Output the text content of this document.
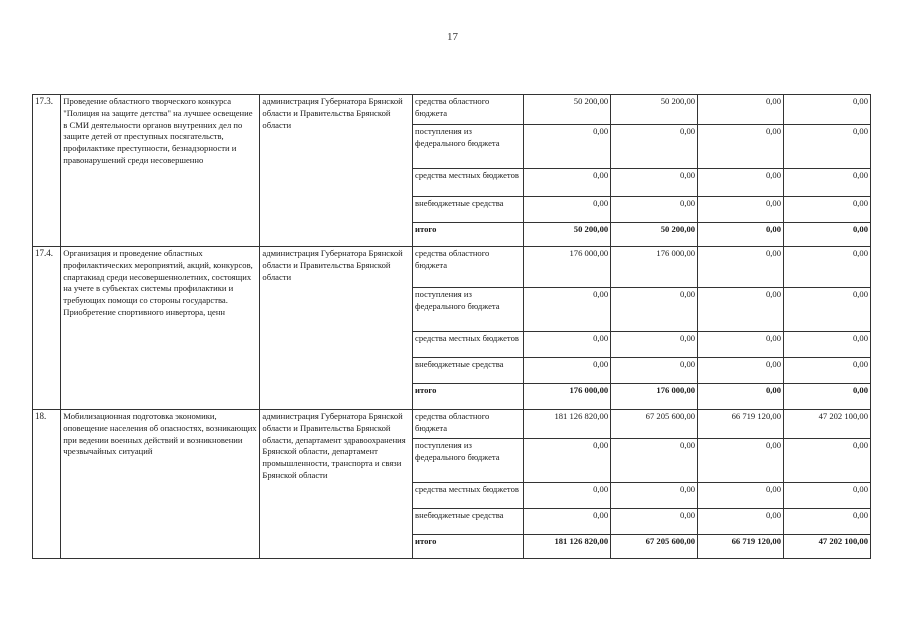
17
17.3.	Проведение областного творческого конкурса "Полиция на защите детства" на лучшее освещение в СМИ деятельности органов внутренних дел по защите детей от преступных посягательств, профилактике преступности, безнадзорности и правонарушений среди несовершенно	администрация Губернатора Брянской области и Правительства Брянской области	средства областного бюджета	50 200,00	50 200,00	0,00	0,00
			поступления из федерального бюджета	0,00	0,00	0,00	0,00
			средства местных бюджетов	0,00	0,00	0,00	0,00
			внебюджетные средства	0,00	0,00	0,00	0,00
			итого	50 200,00	50 200,00	0,00	0,00
17.4.	Организация и проведение областных профилактических мероприятий, акций, конкурсов, спартакиад среди несовершеннолетних, состоящих на учете в субъектах системы профилактики и требующих помощи со стороны государства. Приобретение спортивного инвертора, ценн	администрация Губернатора Брянской области и Правительства Брянской области	средства областного бюджета	176 000,00	176 000,00	0,00	0,00
			поступления из федерального бюджета	0,00	0,00	0,00	0,00
			средства местных бюджетов	0,00	0,00	0,00	0,00
			внебюджетные средства	0,00	0,00	0,00	0,00
			итого	176 000,00	176 000,00	0,00	0,00
18.	Мобилизационная подготовка экономики, оповещение населения об опасностях, возникающих при ведении военных действий и возникновении чрезвычайных ситуаций	администрация Губернатора Брянской области и Правительства Брянской области, департамент здравоохранения Брянской области, департамент промышленности, транспорта и связи Брянской области	средства областного бюджета	181 126 820,00	67 205 600,00	66 719 120,00	47 202 100,00
			поступления из федерального бюджета	0,00	0,00	0,00	0,00
			средства местных бюджетов	0,00	0,00	0,00	0,00
			внебюджетные средства	0,00	0,00	0,00	0,00
			итого	181 126 820,00	67 205 600,00	66 719 120,00	47 202 100,00
